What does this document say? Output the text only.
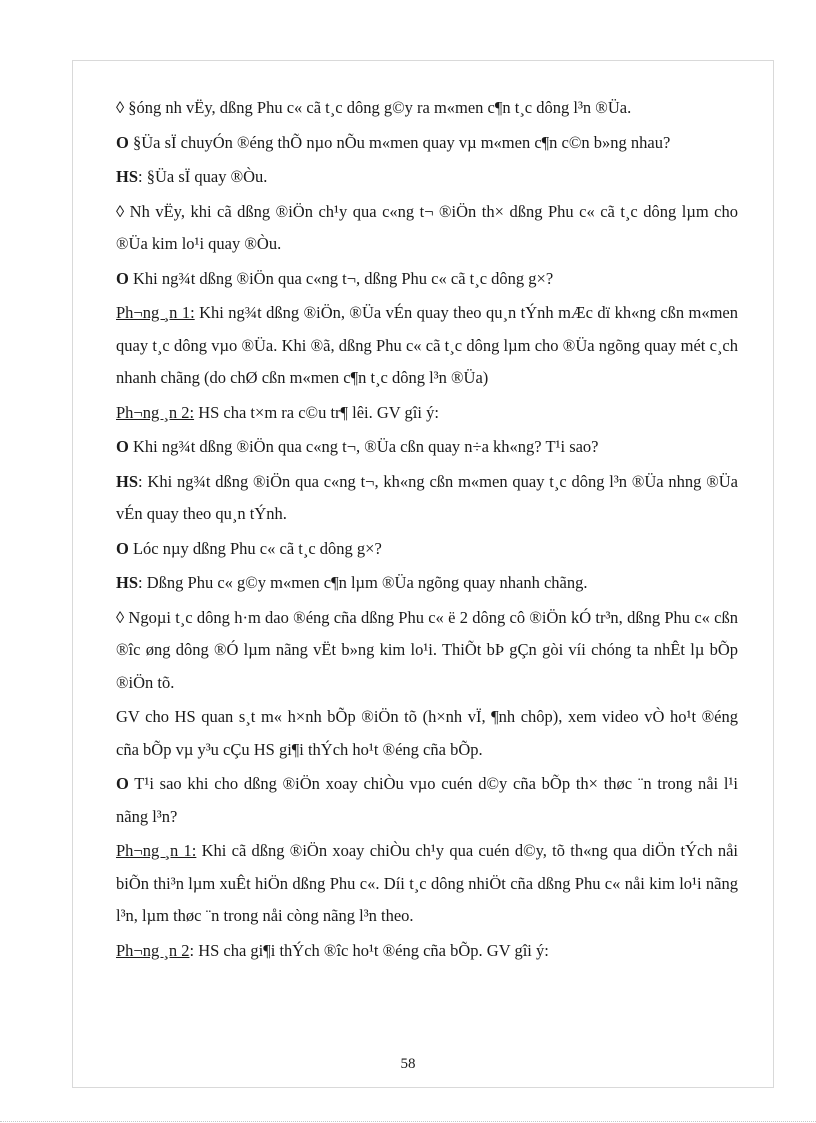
◊ §óng nh vËy, dßng Phu c« cã t¸c dông g©y ra m«men c¶n t¸c dông l³n ®Üa.

O §Üa sÏ chuyÓn ®éng thÕ nµo nÕu m«men quay vµ m«men c¶n c©n b»ng nhau?

HS: §Üa sÏ quay ®Òu.

◊ Nh vËy, khi cã dßng ®iÖn ch¹y qua c«ng t¬ ®iÖn th× dßng Phu c« cã t¸c dông lµm cho ®Üa kim lo¹i quay ®Òu.

O Khi ng¾t dßng ®iÖn qua c«ng t¬, dßng Phu c« cã t¸c dông g×?

Ph¬ng ¸n 1: Khi ng¾t dßng ®iÖn, ®Üa vÉn quay theo qu¸n tÝnh mÆc dï kh«ng cßn m«men quay t¸c dông vµo ®Üa. Khi ®ã, dßng Phu c« cã t¸c dông lµm cho ®Üa ngõng quay mét c¸ch nhanh chãng (do chØ cßn m«men c¶n t¸c dông l³n ®Üa)

Ph¬ng ¸n 2: HS cha t×m ra c©u tr¶ lêi. GV gîi ý:

O Khi ng¾t dßng ®iÖn qua c«ng t¬, ®Üa cßn quay n÷a kh«ng? T¹i sao?

HS: Khi ng¾t dßng ®iÖn qua c«ng t¬, kh«ng cßn m«men quay t¸c dông l³n ®Üa nhng ®Üa vÉn quay theo qu¸n tÝnh.

O Lóc nµy dßng Phu c« cã t¸c dông g×?

HS: Dßng Phu c« g©y m«men c¶n lµm ®Üa ngõng quay nhanh chãng.

◊ Ngoµi t¸c dông h·m dao ®éng cña dßng Phu c« ë 2 dông cô ®iÖn kÓ tr³n, dßng Phu c« cßn ®îc øng dông ®Ó lµm nãng vËt b»ng kim lo¹i. ThiÕt bÞ gÇn gòi víi chóng ta nhÊt lµ bÕp ®iÖn tõ.

GV cho HS quan s¸t m« h×nh bÕp ®iÖn tõ (h×nh vÏ, ¶nh chôp), xem video vÒ ho¹t ®éng cña bÕp vµ y³u cÇu HS gi¶i thÝch ho¹t ®éng cña bÕp.

O T¹i sao khi cho dßng ®iÖn xoay chiÒu vµo cuén d©y cña bÕp th× thøc ¨n trong nåi l¹i nãng l³n?

Ph¬ng ¸n 1: Khi cã dßng ®iÖn xoay chiÒu ch¹y qua cuén d©y, tõ th«ng qua diÖn tÝch nåi biÕn thi³n lµm xuÊt hiÖn dßng Phu c«. Díi t¸c dông nhiÖt cña dßng Phu c« nåi kim lo¹i nãng l³n, lµm thøc ¨n trong nåi còng nãng l³n theo.

Ph¬ng ¸n 2: HS cha gi¶i thÝch ®îc ho¹t ®éng cña bÕp. GV gîi ý:

58
